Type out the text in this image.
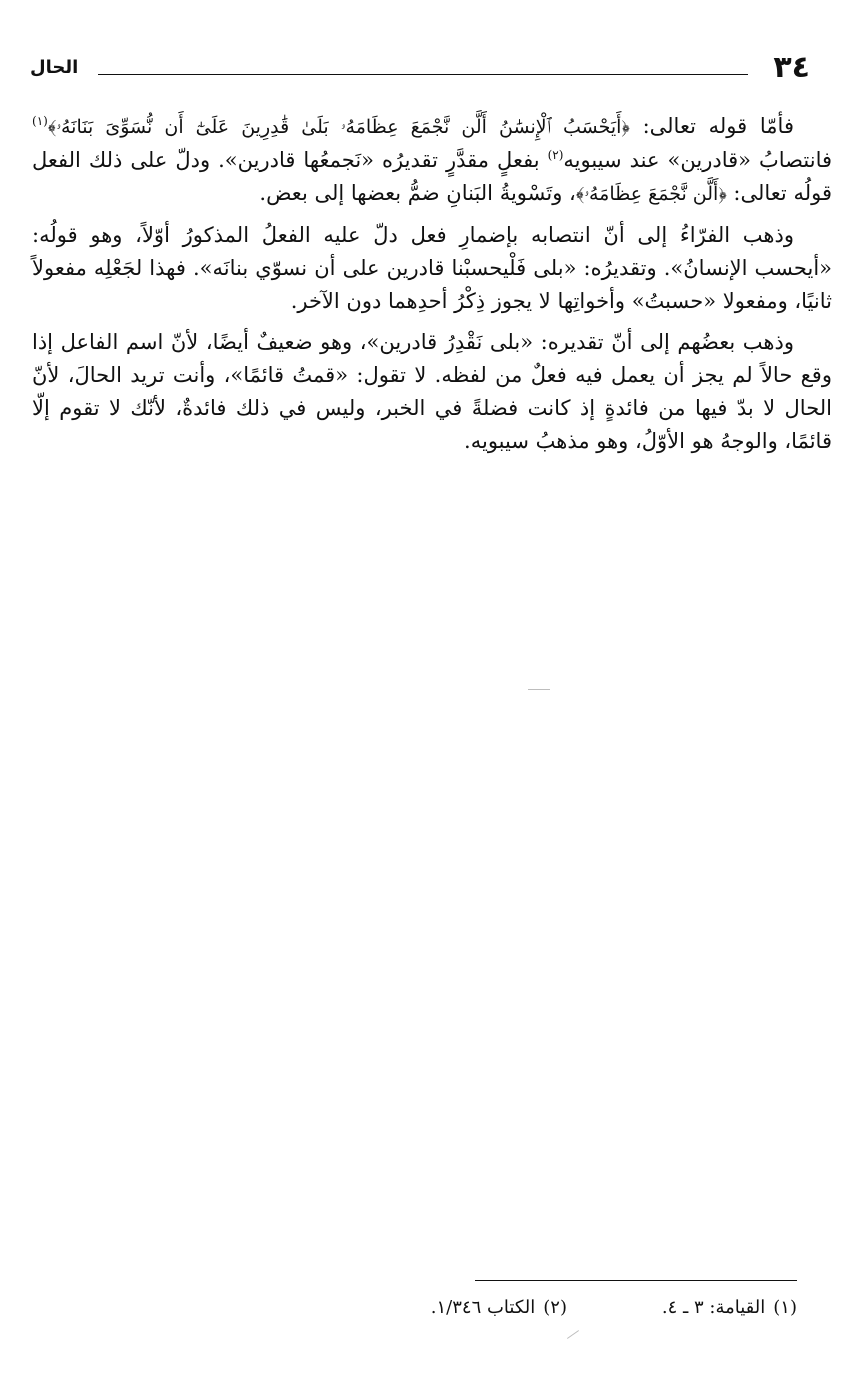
٣٤
الحال

فأمّا قوله تعالى: ﴿أَيَحْسَبُ ٱلْإِنسَٰنُ أَلَّن نَّجْمَعَ عِظَامَهُۥ بَلَىٰ قَٰدِرِينَ عَلَىٰٓ أَن نُّسَوِّىَ بَنَانَهُۥ﴾$^{(١)}$ فانتصابُ «قادرين» عند سيبويه$^{(٢)}$ بفعلٍ مقدَّرٍ تقديرُه «نَجمعُها قادرين». ودلّ على ذلك الفعل قولُه تعالى: ﴿أَلَّن نَّجْمَعَ عِظَامَهُۥ﴾، وتَسْويةُ البَنانِ ضمُّ بعضها إلى بعض.

وذهب الفرّاءُ إلى أنّ انتصابه بإضمارِ فعل دلّ عليه الفعلُ المذكورُ أوّلاً، وهو قولُه: «أيحسب الإنسانُ». وتقديرُه: «بلى فَلْيحسبْنا قادرين على أن نسوّي بنانَه». فهذا لجَعْلِه مفعولاً ثانيًا، ومفعولا «حسبتُ» وأخواتِها لا يجوز ذِكْرُ أحدِهما دون الآخر.

وذهب بعضُهم إلى أنّ تقديره: «بلى نَقْدِرُ قادرين»، وهو ضعيفٌ أيضًا، لأنّ اسم الفاعل إذا وقع حالاً لم يجز أن يعمل فيه فعلٌ من لفظه. لا تقول: «قمتُ قائمًا»، وأنت تريد الحالَ، لأنّ الحال لا بدّ فيها من فائدةٍ إذ كانت فضلةً في الخبر، وليس في ذلك فائدةٌ، لأنّك لا تقوم إلّا قائمًا، والوجهُ هو الأوّلُ، وهو مذهبُ سيبويه.

(١)القيامة: ٣ ـ ٤.
(٢)الكتاب ١/٣٤٦.
